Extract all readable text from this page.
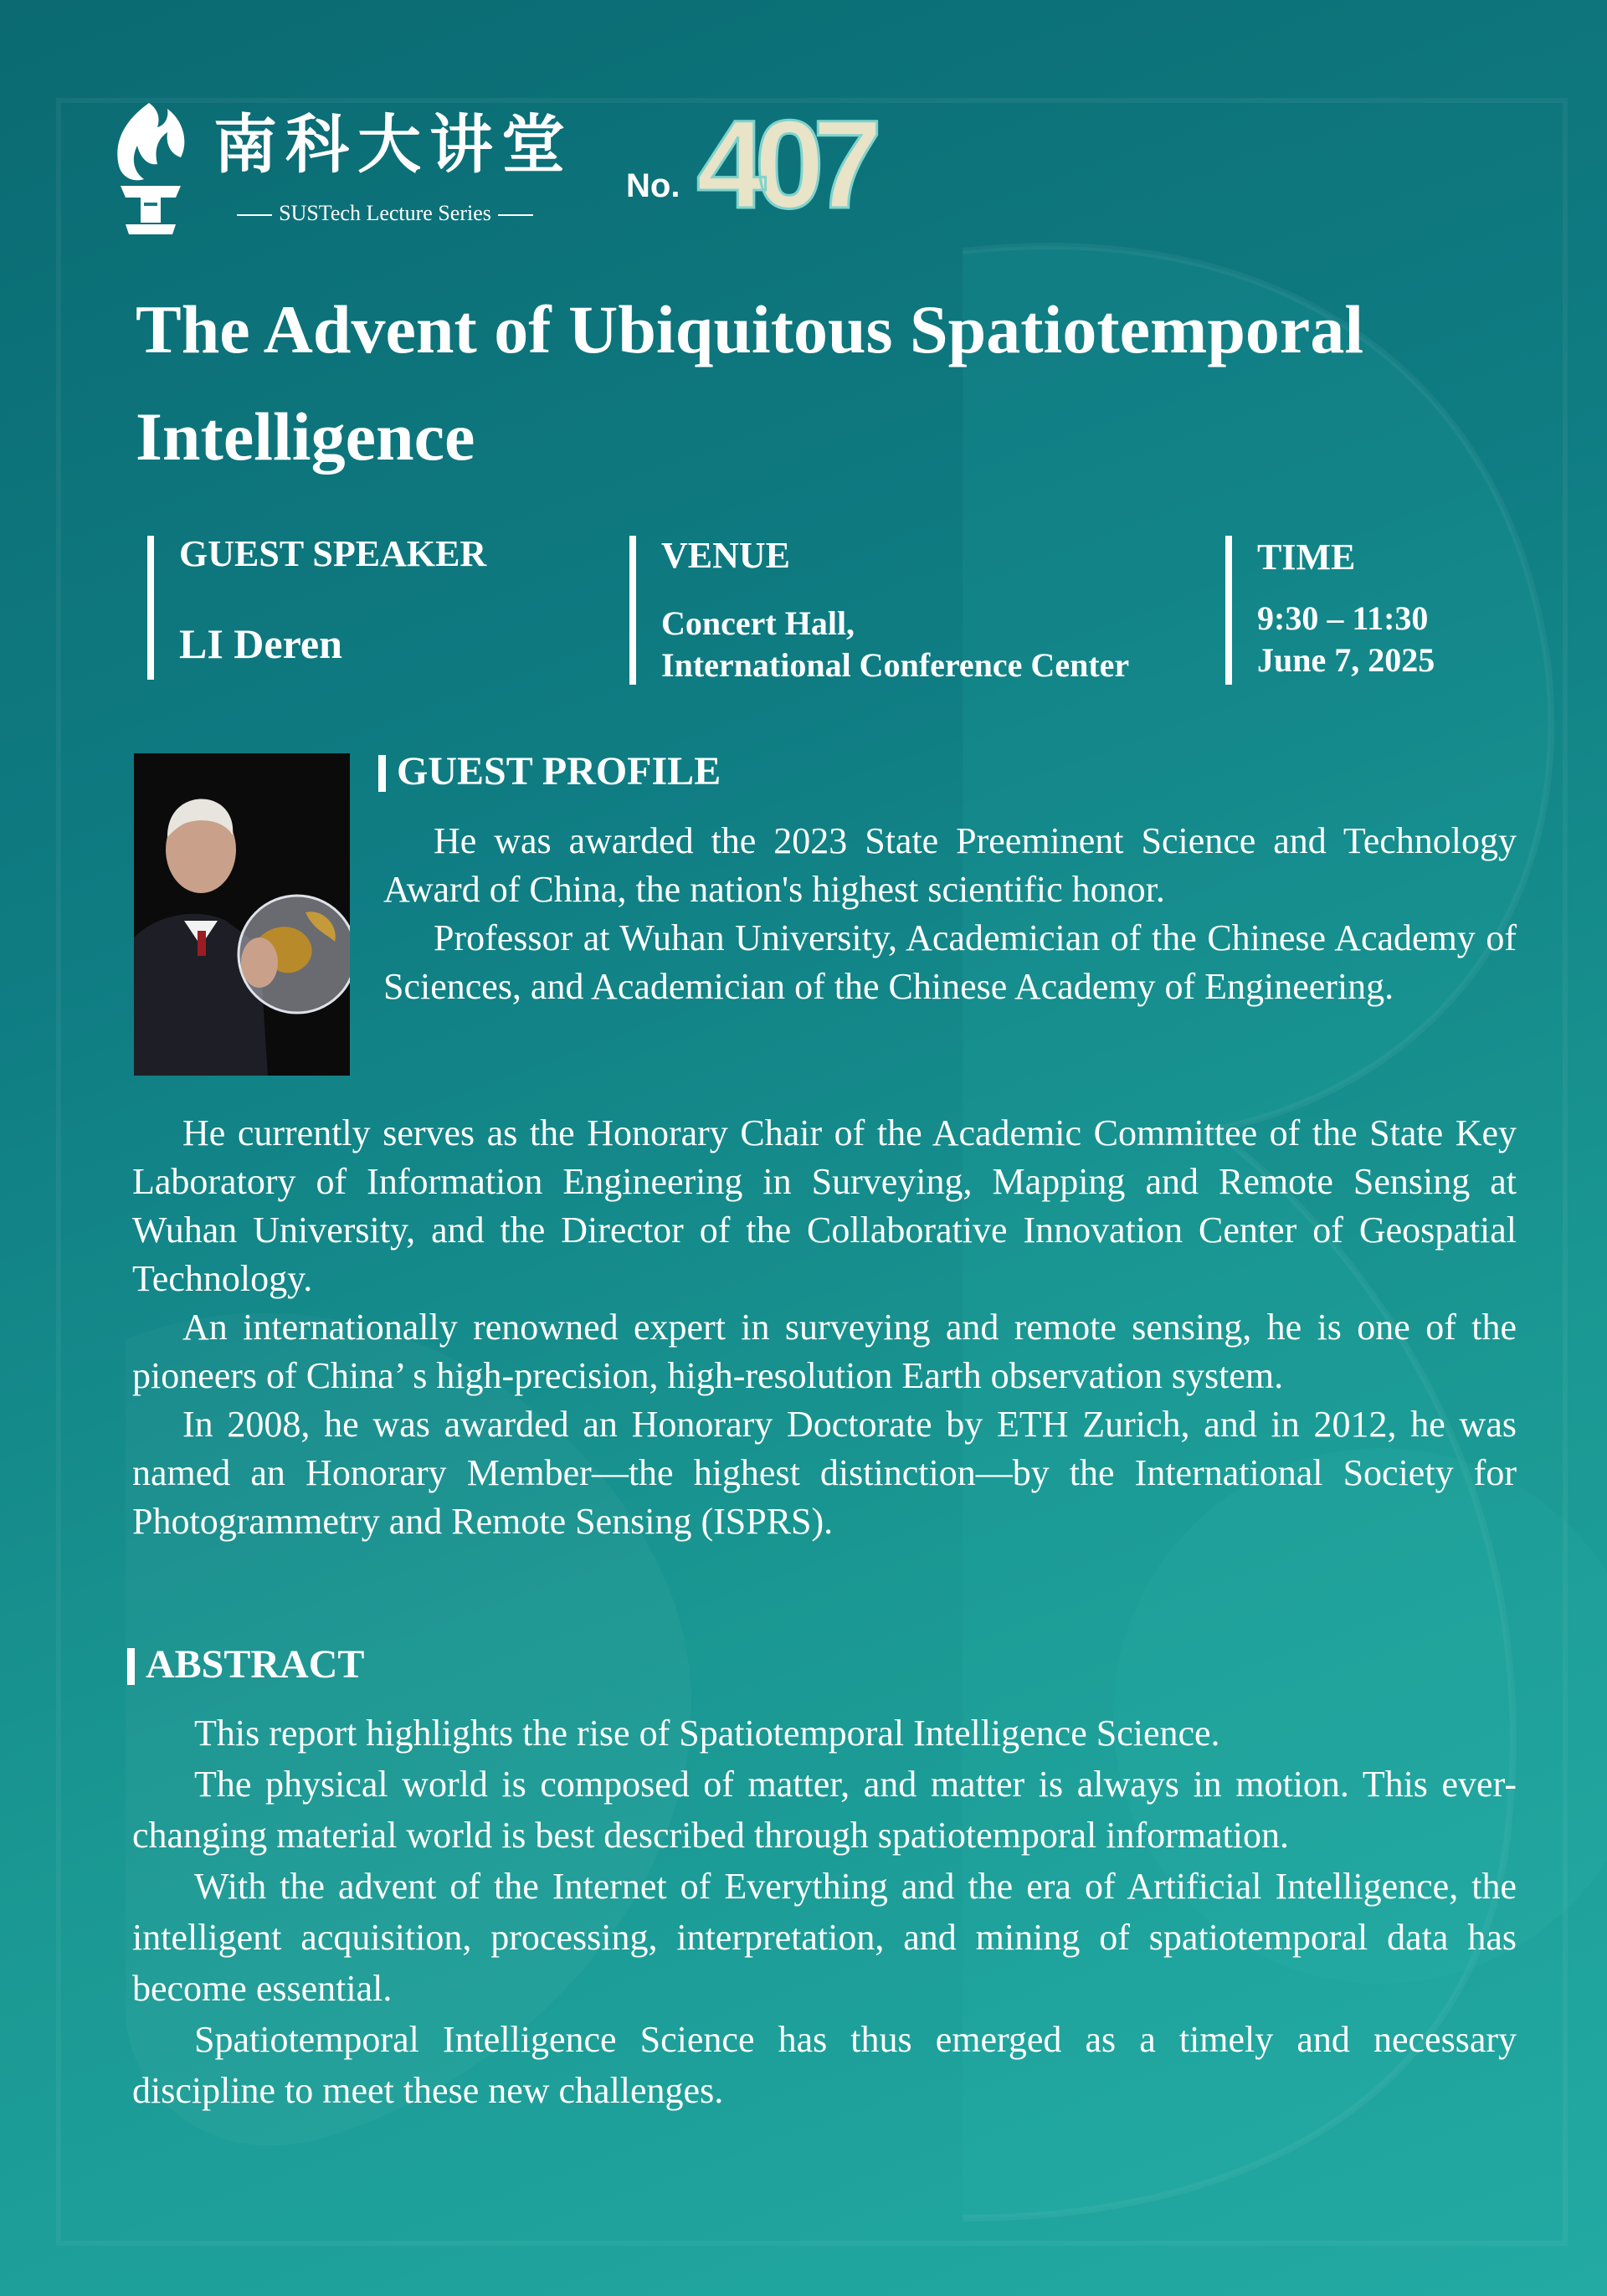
南科大讲堂
SUSTech Lecture Series
No. 407
The Advent of Ubiquitous Spatiotemporal Intelligence
GUEST SPEAKER
LI Deren
VENUE
Concert Hall,
International Conference Center
TIME
9:30 – 11:30
June 7, 2025
GUEST PROFILE

He was awarded the 2023 State Preeminent Science and Technology Award of China, the nation's highest scientific honor.

Professor at Wuhan University, Academician of the Chinese Academy of Sciences, and Academician of the Chinese Academy of Engineering.

He currently serves as the Honorary Chair of the Academic Committee of the State Key Laboratory of Information Engineering in Surveying, Mapping and Remote Sensing at Wuhan University, and the Director of the Collaborative Innovation Center of Geospatial Technology.

An internationally renowned expert in surveying and remote sensing, he is one of the pioneers of China’ s high-precision, high-resolution Earth observation system.

In 2008, he was awarded an Honorary Doctorate by ETH Zurich, and in 2012, he was named an Honorary Member—the highest distinction—by the International Society for Photogrammetry and Remote Sensing (ISPRS).

ABSTRACT

This report highlights the rise of Spatiotemporal Intelligence Science.

The physical world is composed of matter, and matter is always in motion. This ever-changing material world is best described through spatiotemporal information.

With the advent of the Internet of Everything and the era of Artificial Intelligence, the intelligent acquisition, processing, interpretation, and mining of spatiotemporal data has become essential.

Spatiotemporal Intelligence Science has thus emerged as a timely and necessary discipline to meet these new challenges.
